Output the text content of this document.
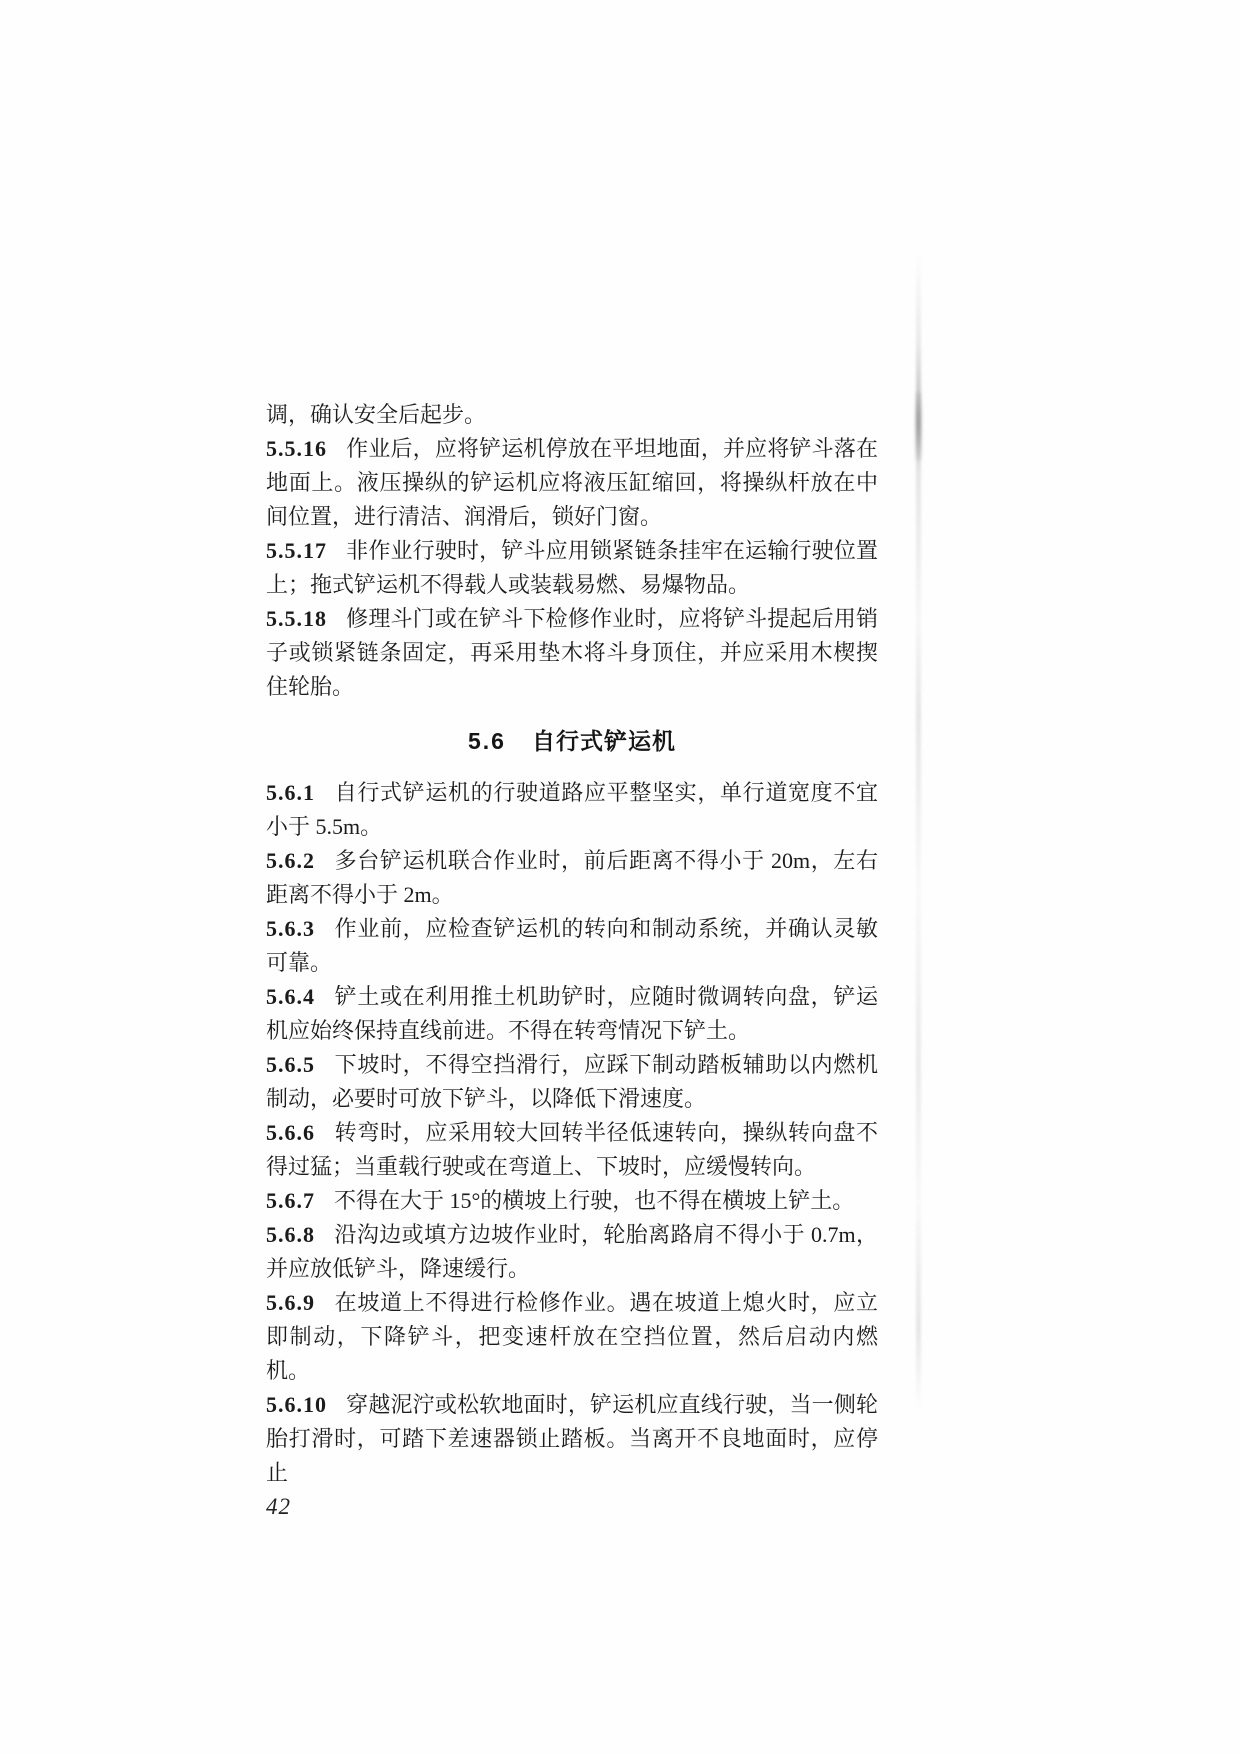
调，确认安全后起步。

5.5.16 作业后，应将铲运机停放在平坦地面，并应将铲斗落在地面上。液压操纵的铲运机应将液压缸缩回，将操纵杆放在中间位置，进行清洁、润滑后，锁好门窗。

5.5.17 非作业行驶时，铲斗应用锁紧链条挂牢在运输行驶位置上；拖式铲运机不得载人或装载易燃、易爆物品。

5.5.18 修理斗门或在铲斗下检修作业时，应将铲斗提起后用销子或锁紧链条固定，再采用垫木将斗身顶住，并应采用木楔揳住轮胎。

5.6 自行式铲运机

5.6.1 自行式铲运机的行驶道路应平整坚实，单行道宽度不宜小于 5.5m。

5.6.2 多台铲运机联合作业时，前后距离不得小于 20m，左右距离不得小于 2m。

5.6.3 作业前，应检查铲运机的转向和制动系统，并确认灵敏可靠。

5.6.4 铲土或在利用推土机助铲时，应随时微调转向盘，铲运机应始终保持直线前进。不得在转弯情况下铲土。

5.6.5 下坡时，不得空挡滑行，应踩下制动踏板辅助以内燃机制动，必要时可放下铲斗，以降低下滑速度。

5.6.6 转弯时，应采用较大回转半径低速转向，操纵转向盘不得过猛；当重载行驶或在弯道上、下坡时，应缓慢转向。

5.6.7 不得在大于 15°的横坡上行驶，也不得在横坡上铲土。

5.6.8 沿沟边或填方边坡作业时，轮胎离路肩不得小于 0.7m，并应放低铲斗，降速缓行。

5.6.9 在坡道上不得进行检修作业。遇在坡道上熄火时，应立即制动，下降铲斗，把变速杆放在空挡位置，然后启动内燃机。

5.6.10 穿越泥泞或松软地面时，铲运机应直线行驶，当一侧轮胎打滑时，可踏下差速器锁止踏板。当离开不良地面时，应停止

42
